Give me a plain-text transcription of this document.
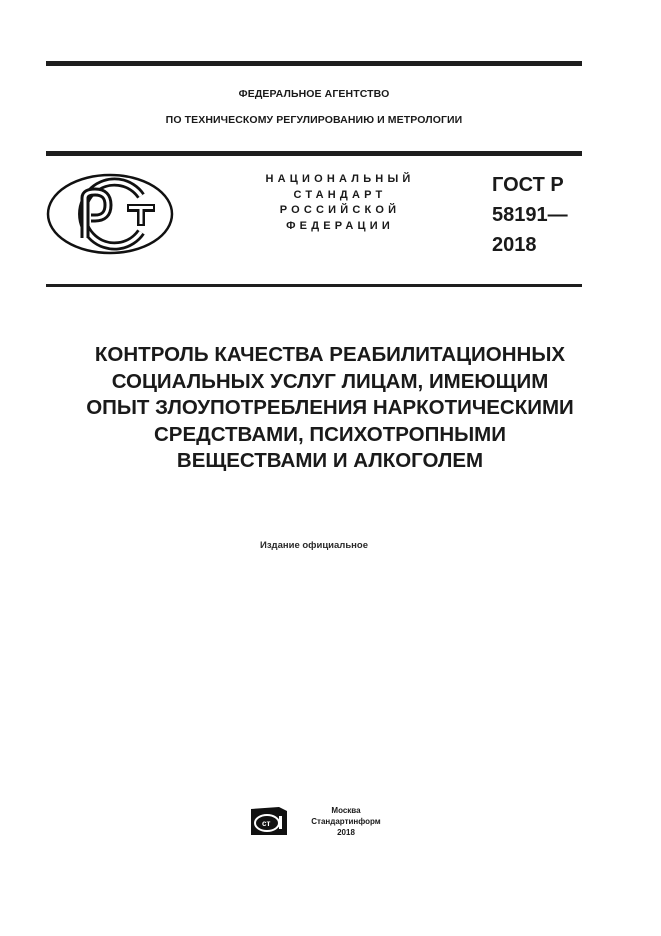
ФЕДЕРАЛЬНОЕ АГЕНТСТВО
ПО ТЕХНИЧЕСКОМУ РЕГУЛИРОВАНИЮ И МЕТРОЛОГИИ
НАЦИОНАЛЬНЫЙ
СТАНДАРТ
РОССИЙСКОЙ
ФЕДЕРАЦИИ
ГОСТ Р
58191—
2018
КОНТРОЛЬ КАЧЕСТВА РЕАБИЛИТАЦИОННЫХ
СОЦИАЛЬНЫХ УСЛУГ ЛИЦАМ, ИМЕЮЩИМ
ОПЫТ ЗЛОУПОТРЕБЛЕНИЯ НАРКОТИЧЕСКИМИ
СРЕДСТВАМИ, ПСИХОТРОПНЫМИ
ВЕЩЕСТВАМИ И АЛКОГОЛЕМ
Издание официальное
ст
Москва
Стандартинформ
2018
